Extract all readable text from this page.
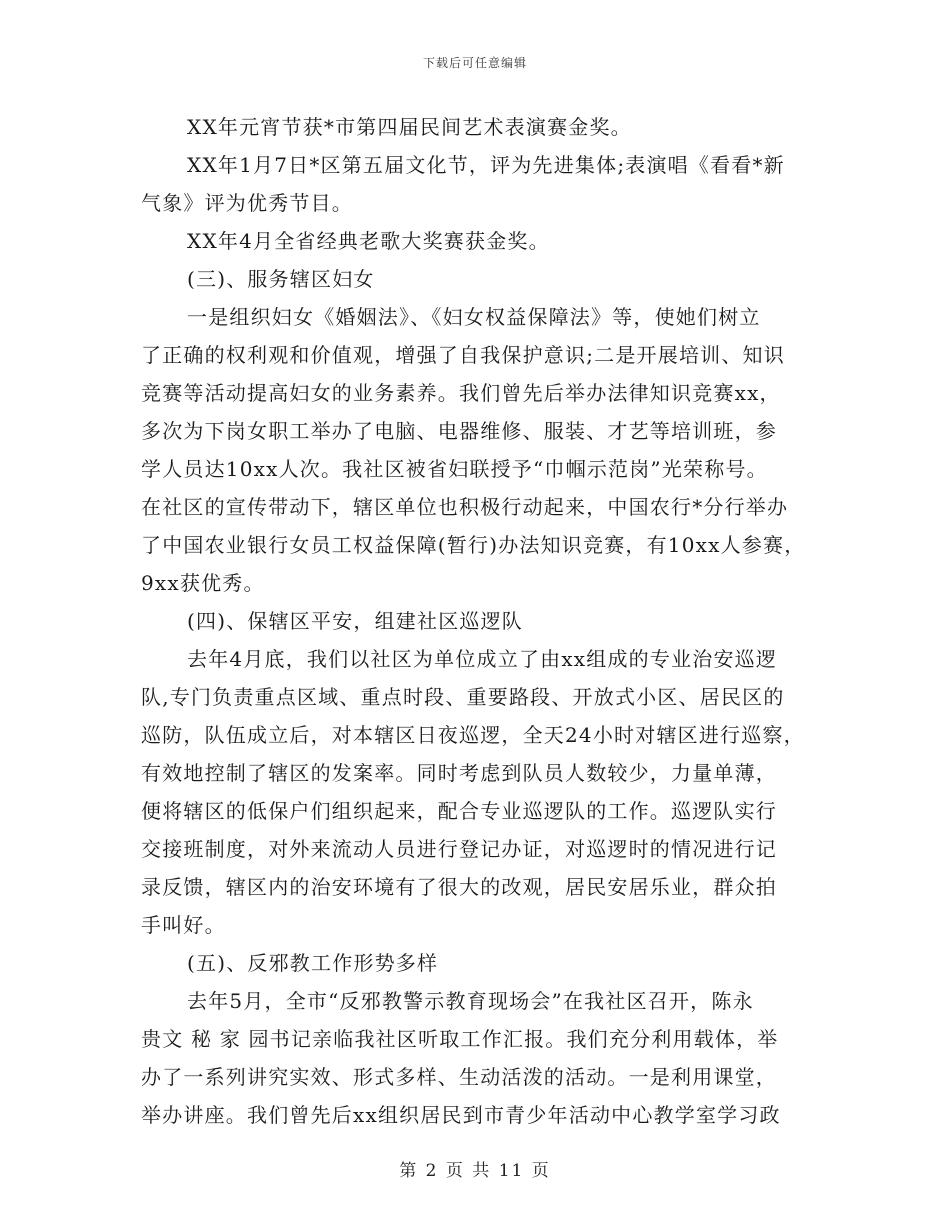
下载后可任意编辑
XX年元宵节获*市第四届民间艺术表演赛金奖。
XX年1月7日*区第五届文化节，评为先进集体;表演唱《看看*新
气象》评为优秀节目。
XX年4月全省经典老歌大奖赛获金奖。
(三)、服务辖区妇女
一是组织妇女《婚姻法》、《妇女权益保障法》等，使她们树立
了正确的权利观和价值观，增强了自我保护意识;二是开展培训、知识
竞赛等活动提高妇女的业务素养。我们曾先后举办法律知识竞赛xx，
多次为下岗女职工举办了电脑、电器维修、服装、才艺等培训班，参
学人员达10xx人次。我社区被省妇联授予“巾帼示范岗”光荣称号。
在社区的宣传带动下，辖区单位也积极行动起来，中国农行*分行举办
了中国农业银行女员工权益保障(暂行)办法知识竞赛，有10xx人参赛，
9xx获优秀。
(四)、保辖区平安，组建社区巡逻队
去年4月底，我们以社区为单位成立了由xx组成的专业治安巡逻
队,专门负责重点区域、重点时段、重要路段、开放式小区、居民区的
巡防，队伍成立后，对本辖区日夜巡逻，全天24小时对辖区进行巡察，
有效地控制了辖区的发案率。同时考虑到队员人数较少，力量单薄，
便将辖区的低保户们组织起来，配合专业巡逻队的工作。巡逻队实行
交接班制度，对外来流动人员进行登记办证，对巡逻时的情况进行记
录反馈，辖区内的治安环境有了很大的改观，居民安居乐业，群众拍
手叫好。
(五)、反邪教工作形势多样
去年5月，全市“反邪教警示教育现场会”在我社区召开，陈永
贵文 秘 家 园书记亲临我社区听取工作汇报。我们充分利用载体，举
办了一系列讲究实效、形式多样、生动活泼的活动。一是利用课堂，
举办讲座。我们曾先后xx组织居民到市青少年活动中心教学室学习政
第 2 页 共 11 页
